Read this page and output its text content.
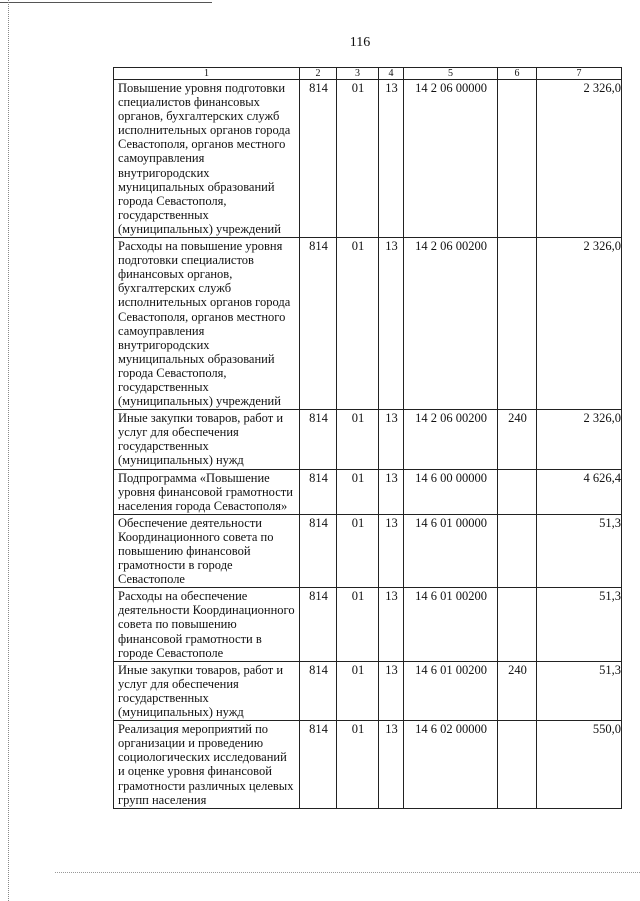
116
1	2	3	4	5	6	7
Повышение уровня подготовки специалистов финансовых органов, бухгалтерских служб исполнительных органов города Севастополя, органов местного самоуправления внутригородских муниципальных образований города Севастополя, государственных (муниципальных) учреждений	814	01	13	14 2 06 00000		2 326,0
Расходы на повышение уровня подготовки специалистов финансовых органов, бухгалтерских служб исполнительных органов города Севастополя, органов местного самоуправления внутригородских муниципальных образований города Севастополя, государственных (муниципальных) учреждений	814	01	13	14 2 06 00200		2 326,0
Иные закупки товаров, работ и услуг для обеспечения государственных (муниципальных) нужд	814	01	13	14 2 06 00200	240	2 326,0
Подпрограмма «Повышение уровня финансовой грамотности населения города Севастополя»	814	01	13	14 6 00 00000		4 626,4
Обеспечение деятельности Координационного совета по повышению финансовой грамотности в городе Севастополе	814	01	13	14 6 01 00000		51,3
Расходы на обеспечение деятельности Координационного совета по повышению финансовой грамотности в городе Севастополе	814	01	13	14 6 01 00200		51,3
Иные закупки товаров, работ и услуг для обеспечения государственных (муниципальных) нужд	814	01	13	14 6 01 00200	240	51,3
Реализация мероприятий по организации и проведению социологических исследований и оценке уровня финансовой грамотности различных целевых групп населения	814	01	13	14 6 02 00000		550,0
